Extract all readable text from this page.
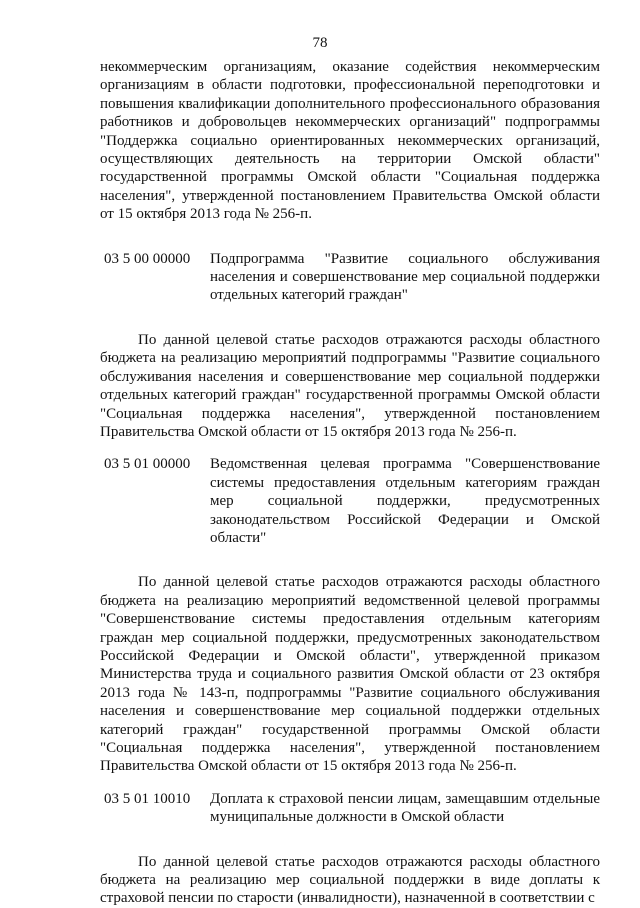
78

некоммерческим организациям, оказание содействия некоммерческим организациям в области подготовки, профессиональной переподготовки и повышения квалификации дополнительного профессионального образования работников и добровольцев некоммерческих организаций" подпрограммы "Поддержка социально ориентированных некоммерческих организаций, осуществляющих деятельность на территории Омской области" государственной программы Омской области "Социальная поддержка населения", утвержденной постановлением Правительства Омской области от 15 октября 2013 года № 256-п.

03 5 00 00000 Подпрограмма "Развитие социального обслуживания населения и совершенствование мер социальной поддержки отдельных категорий граждан"

По данной целевой статье расходов отражаются расходы областного бюджета на реализацию мероприятий подпрограммы "Развитие социального обслуживания населения и совершенствование мер социальной поддержки отдельных категорий граждан" государственной программы Омской области "Социальная поддержка населения", утвержденной постановлением Правительства Омской области от 15 октября 2013 года № 256-п.

03 5 01 00000 Ведомственная целевая программа "Совершенствование системы предоставления отдельным категориям граждан мер социальной поддержки, предусмотренных законодательством Российской Федерации и Омской области"

По данной целевой статье расходов отражаются расходы областного бюджета на реализацию мероприятий ведомственной целевой программы "Совершенствование системы предоставления отдельным категориям граждан мер социальной поддержки, предусмотренных законодательством Российской Федерации и Омской области", утвержденной приказом Министерства труда и социального развития Омской области от 23 октября 2013 года № 143-п, подпрограммы "Развитие социального обслуживания населения и совершенствование мер социальной поддержки отдельных категорий граждан" государственной программы Омской области "Социальная поддержка населения", утвержденной постановлением Правительства Омской области от 15 октября 2013 года № 256-п.

03 5 01 10010 Доплата к страховой пенсии лицам, замещавшим отдельные муниципальные должности в Омской области

По данной целевой статье расходов отражаются расходы областного бюджета на реализацию мер социальной поддержки в виде доплаты к страховой пенсии по старости (инвалидности), назначенной в соответствии с
